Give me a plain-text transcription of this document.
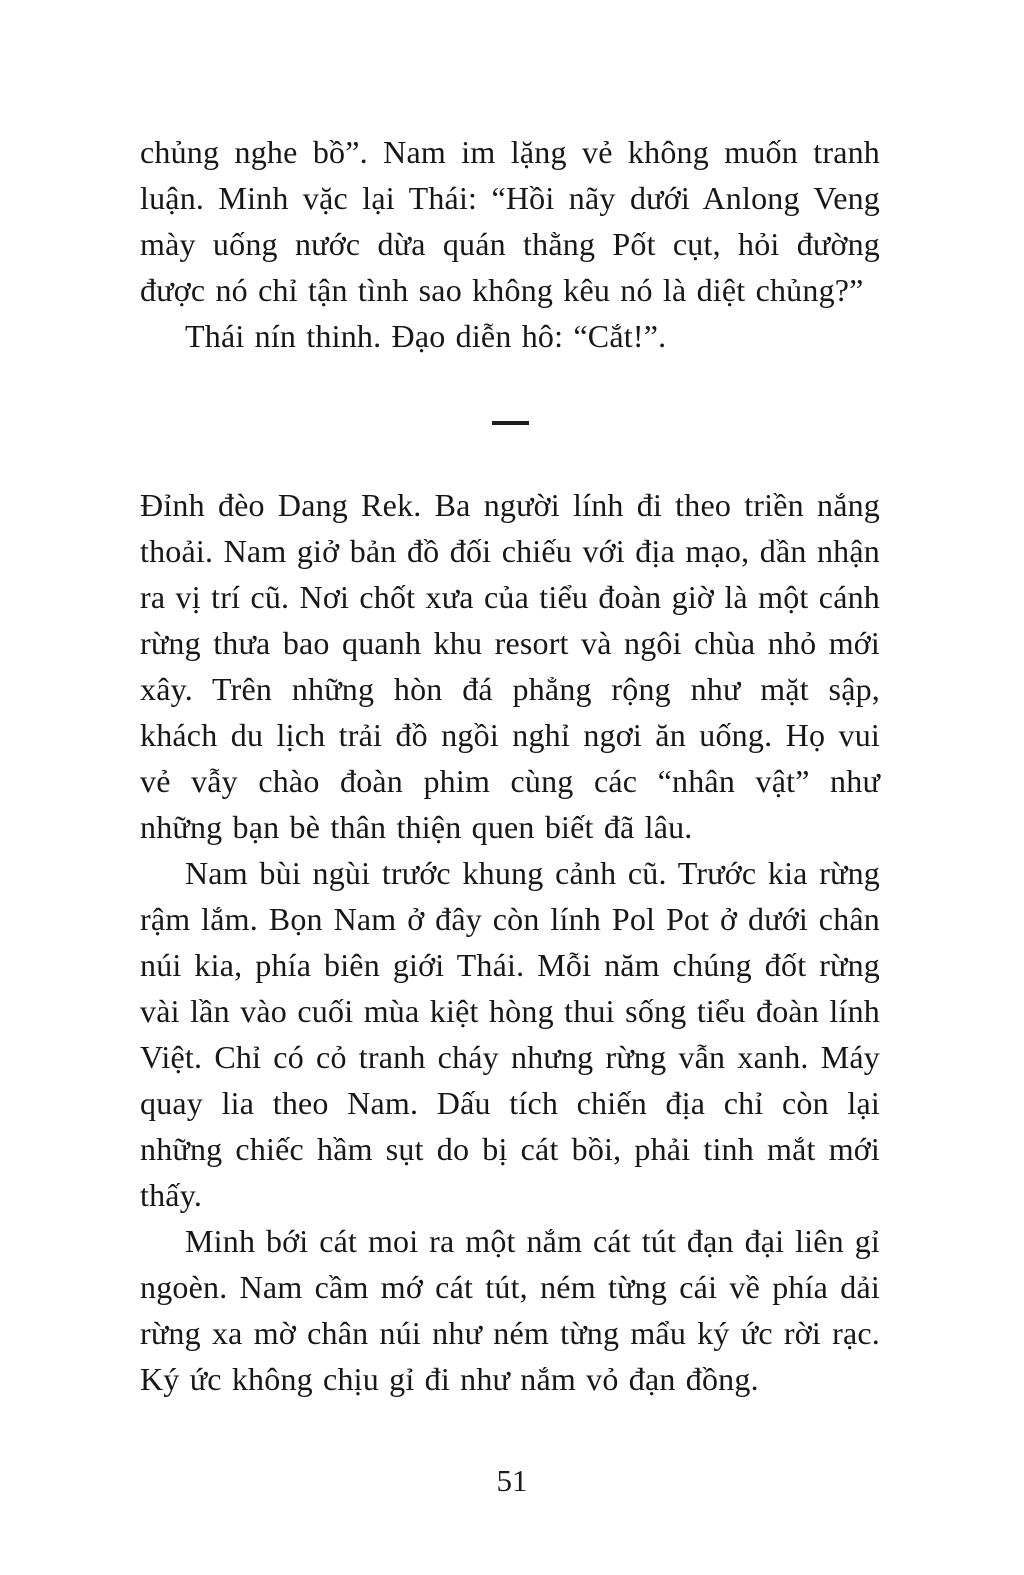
chủng nghe bồ”. Nam im lặng vẻ không muốn tranh luận. Minh vặc lại Thái: “Hồi nãy dưới Anlong Veng mày uống nước dừa quán thằng Pốt cụt, hỏi đường được nó chỉ tận tình sao không kêu nó là diệt chủng?”

Thái nín thinh. Đạo diễn hô: “Cắt!”.

Đỉnh đèo Dang Rek. Ba người lính đi theo triền nắng thoải. Nam giở bản đồ đối chiếu với địa mạo, dần nhận ra vị trí cũ. Nơi chốt xưa của tiểu đoàn giờ là một cánh rừng thưa bao quanh khu resort và ngôi chùa nhỏ mới xây. Trên những hòn đá phẳng rộng như mặt sập, khách du lịch trải đồ ngồi nghỉ ngơi ăn uống. Họ vui vẻ vẫy chào đoàn phim cùng các “nhân vật” như những bạn bè thân thiện quen biết đã lâu.

Nam bùi ngùi trước khung cảnh cũ. Trước kia rừng rậm lắm. Bọn Nam ở đây còn lính Pol Pot ở dưới chân núi kia, phía biên giới Thái. Mỗi năm chúng đốt rừng vài lần vào cuối mùa kiệt hòng thui sống tiểu đoàn lính Việt. Chỉ có cỏ tranh cháy nhưng rừng vẫn xanh. Máy quay lia theo Nam. Dấu tích chiến địa chỉ còn lại những chiếc hầm sụt do bị cát bồi, phải tinh mắt mới thấy.

Minh bới cát moi ra một nắm cát tút đạn đại liên gỉ ngoèn. Nam cầm mớ cát tút, ném từng cái về phía dải rừng xa mờ chân núi như ném từng mẩu ký ức rời rạc. Ký ức không chịu gỉ đi như nắm vỏ đạn đồng.

51
